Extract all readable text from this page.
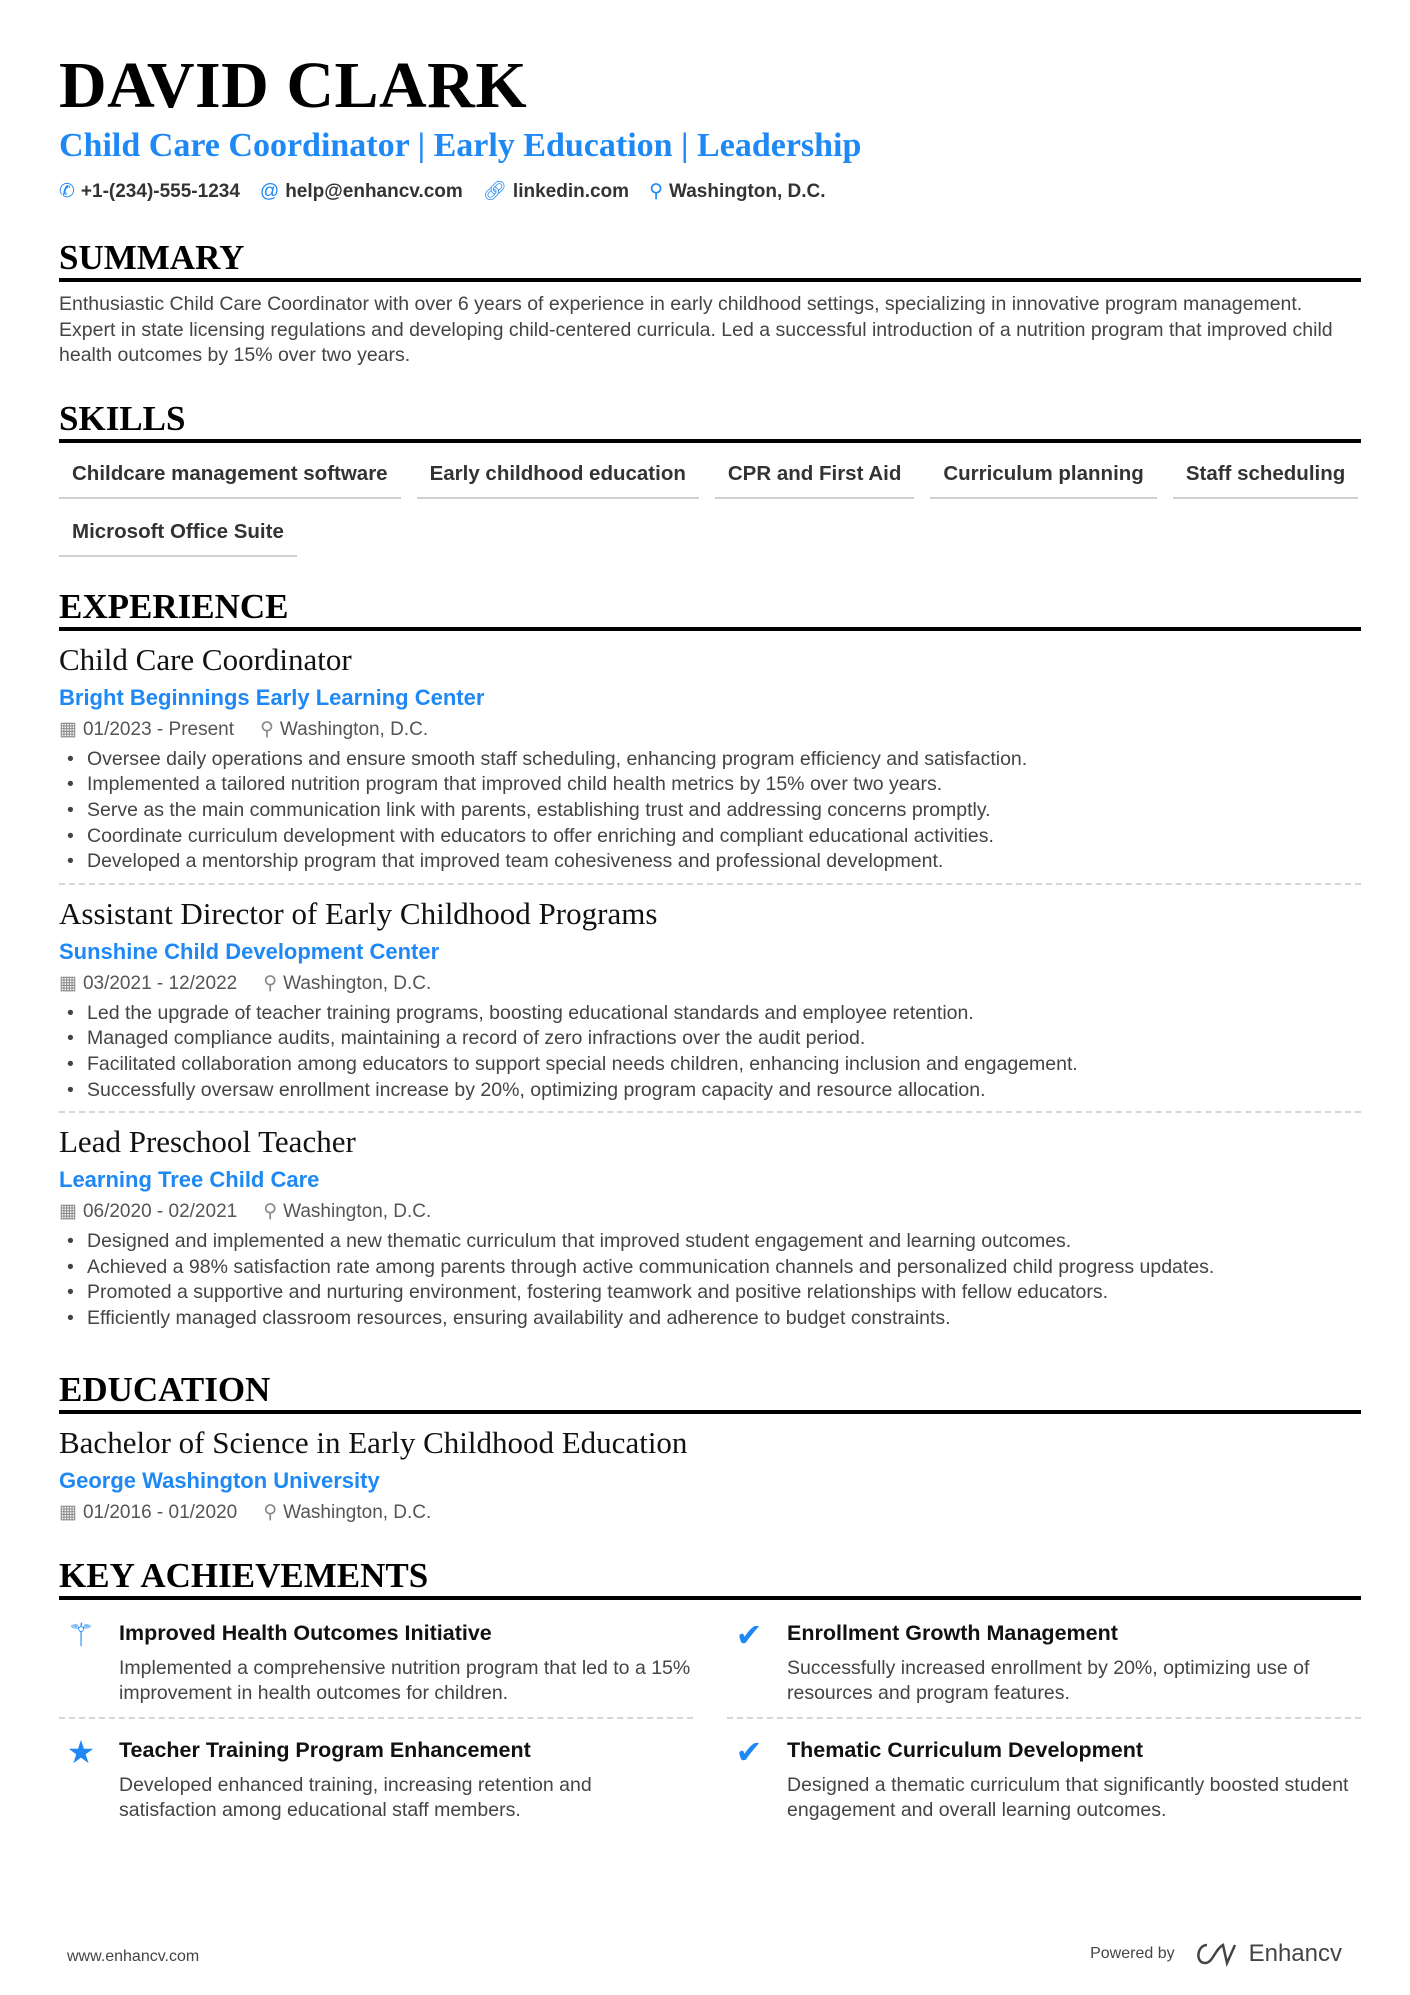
DAVID CLARK
Child Care Coordinator | Early Education | Leadership
✆ +1-(234)-555-1234 @ help@enhancv.com 🔗︎ linkedin.com ⚲ Washington, D.C.
SUMMARY

Enthusiastic Child Care Coordinator with over 6 years of experience in early childhood settings, specializing in innovative program management. Expert in state licensing regulations and developing child-centered curricula. Led a successful introduction of a nutrition program that improved child health outcomes by 15% over two years.

SKILLS
Childcare management software	Early childhood education	CPR and First Aid	Curriculum planning	Staff scheduling
Microsoft Office Suite
EXPERIENCE
Child Care Coordinator
Bright Beginnings Early Learning Center
▦ 01/2023 - Present ⚲ Washington, D.C.
• Oversee daily operations and ensure smooth staff scheduling, enhancing program efficiency and satisfaction.
• Implemented a tailored nutrition program that improved child health metrics by 15% over two years.
• Serve as the main communication link with parents, establishing trust and addressing concerns promptly.
• Coordinate curriculum development with educators to offer enriching and compliant educational activities.
• Developed a mentorship program that improved team cohesiveness and professional development.
Assistant Director of Early Childhood Programs
Sunshine Child Development Center
▦ 03/2021 - 12/2022 ⚲ Washington, D.C.
• Led the upgrade of teacher training programs, boosting educational standards and employee retention.
• Managed compliance audits, maintaining a record of zero infractions over the audit period.
• Facilitated collaboration among educators to support special needs children, enhancing inclusion and engagement.
• Successfully oversaw enrollment increase by 20%, optimizing program capacity and resource allocation.
Lead Preschool Teacher
Learning Tree Child Care
▦ 06/2020 - 02/2021 ⚲ Washington, D.C.
• Designed and implemented a new thematic curriculum that improved student engagement and learning outcomes.
• Achieved a 98% satisfaction rate among parents through active communication channels and personalized child progress updates.
• Promoted a supportive and nurturing environment, fostering teamwork and positive relationships with fellow educators.
• Efficiently managed classroom resources, ensuring availability and adherence to budget constraints.
EDUCATION
Bachelor of Science in Early Childhood Education
George Washington University
▦ 01/2016 - 01/2020 ⚲ Washington, D.C.
KEY ACHIEVEMENTS
⚚	Improved Health Outcomes Initiative
Implemented a comprehensive nutrition program that led to a 15% improvement in health outcomes for children.
✔	Enrollment Growth Management
Successfully increased enrollment by 20%, optimizing use of resources and program features.
★	Teacher Training Program Enhancement
Developed enhanced training, increasing retention and satisfaction among educational staff members.
✔	Thematic Curriculum Development
Designed a thematic curriculum that significantly boosted student engagement and overall learning outcomes.
www.enhancv.com	Powered by	Enhancv
